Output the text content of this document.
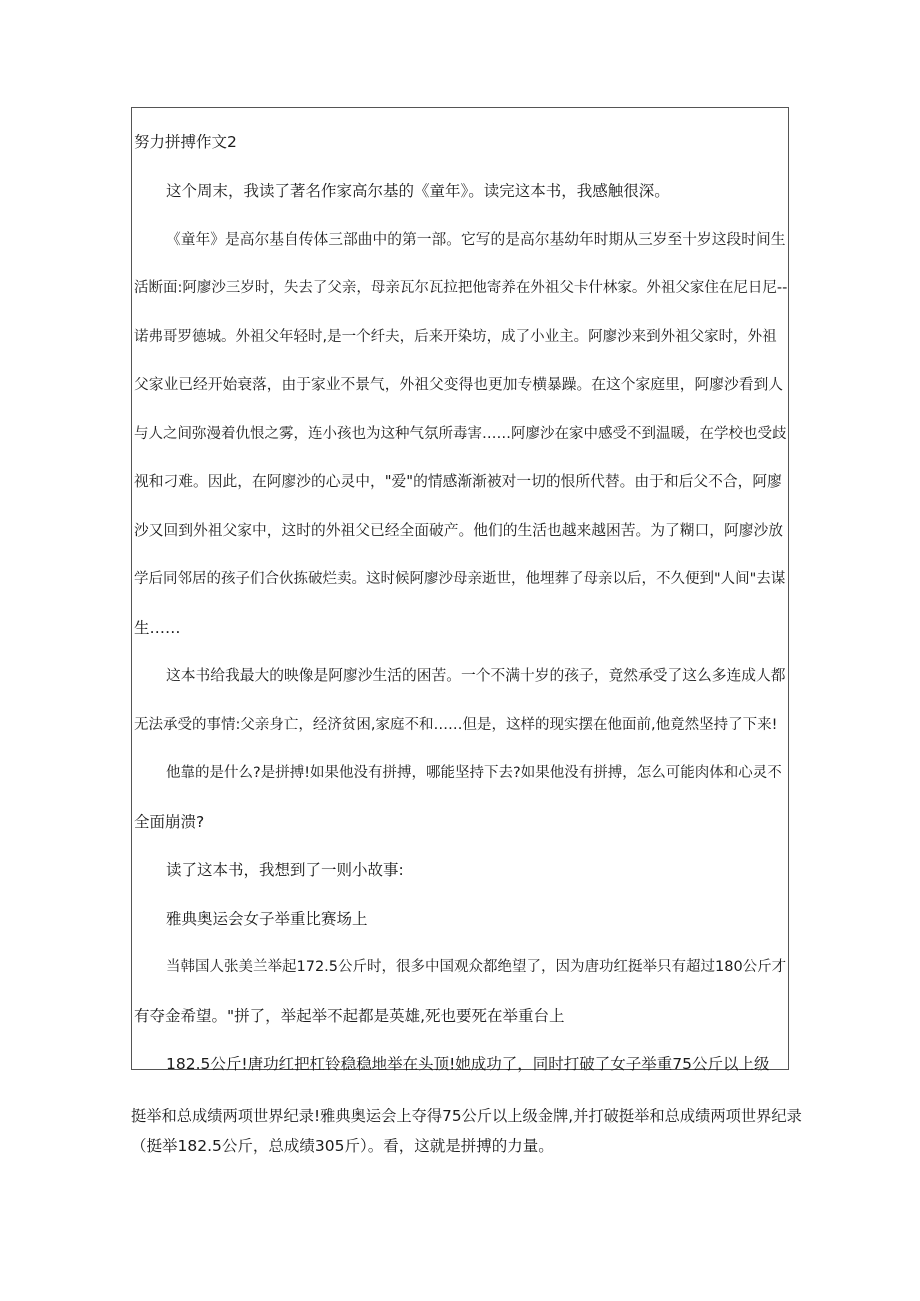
努力拼搏作文2
这个周末，我读了著名作家高尔基的《童年》。读完这本书，我感触很深。
《童年》是高尔基自传体三部曲中的第一部。它写的是高尔基幼年时期从三岁至十岁这段时间生
活断面:阿廖沙三岁时，失去了父亲，母亲瓦尔瓦拉把他寄养在外祖父卡什林家。外祖父家住在尼日尼--
诺弗哥罗德城。外祖父年轻时,是一个纤夫，后来开染坊，成了小业主。阿廖沙来到外祖父家时，外祖
父家业已经开始衰落，由于家业不景气，外祖父变得也更加专横暴躁。在这个家庭里，阿廖沙看到人
与人之间弥漫着仇恨之雾，连小孩也为这种气氛所毒害……阿廖沙在家中感受不到温暖，在学校也受歧
视和刁难。因此，在阿廖沙的心灵中，"爱"的情感渐渐被对一切的恨所代替。由于和后父不合，阿廖
沙又回到外祖父家中，这时的外祖父已经全面破产。他们的生活也越来越困苦。为了糊口，阿廖沙放
学后同邻居的孩子们合伙拣破烂卖。这时候阿廖沙母亲逝世，他埋葬了母亲以后，不久便到"人间"去谋
生……
这本书给我最大的映像是阿廖沙生活的困苦。一个不满十岁的孩子，竟然承受了这么多连成人都
无法承受的事情:父亲身亡，经济贫困,家庭不和……但是，这样的现实摆在他面前,他竟然坚持了下来!
他靠的是什么?是拼搏!如果他没有拼搏，哪能坚持下去?如果他没有拼搏，怎么可能肉体和心灵不
全面崩溃?
读了这本书，我想到了一则小故事:
雅典奥运会女子举重比赛场上
当韩国人张美兰举起172.5公斤时，很多中国观众都绝望了，因为唐功红挺举只有超过180公斤才
有夺金希望。"拼了，举起举不起都是英雄,死也要死在举重台上
182.5公斤!唐功红把杠铃稳稳地举在头顶!她成功了，同时打破了女子举重75公斤以上级
挺举和总成绩两项世界纪录!雅典奥运会上夺得75公斤以上级金牌,并打破挺举和总成绩两项世界纪录
（挺举182.5公斤，总成绩305斤）。看，这就是拼搏的力量。
